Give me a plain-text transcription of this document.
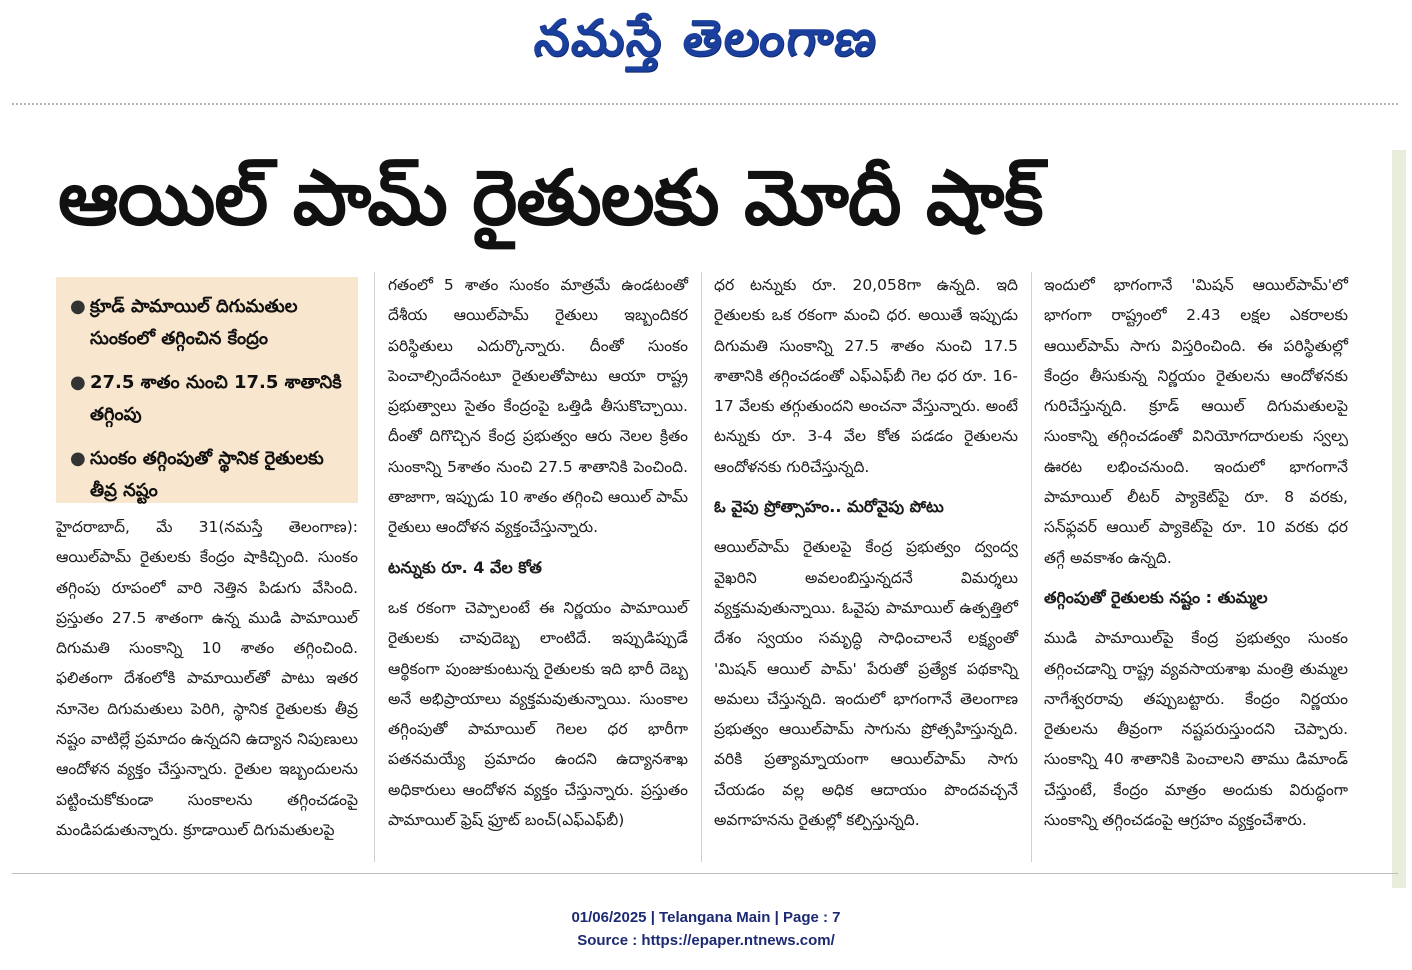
నమస్తే తెలంగాణ
ఆయిల్ పామ్ రైతులకు మోదీ షాక్
● క్రూడ్ పామాయిల్ దిగుమతుల సుంకంలో తగ్గించిన కేంద్రం
● 27.5 శాతం నుంచి 17.5 శాతానికి తగ్గింపు
● సుంకం తగ్గింపుతో స్థానిక రైతులకు తీవ్ర నష్టం

హైదరాబాద్, మే 31(నమస్తే తెలంగాణ): ఆయిల్‌పామ్ రైతులకు కేంద్రం షాకిచ్చింది. సుంకం తగ్గింపు రూపంలో వారి నెత్తిన పిడుగు వేసింది. ప్రస్తుతం 27.5 శాతంగా ఉన్న ముడి పామాయిల్ దిగుమతి సుంకాన్ని 10 శాతం తగ్గించింది. ఫలితంగా దేశంలోకి పామాయిల్‌తో పాటు ఇతర నూనెల దిగుమతులు పెరిగి, స్థానిక రైతులకు తీవ్ర నష్టం వాటిల్లే ప్రమాదం ఉన్నదని ఉద్యాన నిపుణులు ఆందోళన వ్యక్తం చేస్తున్నారు. రైతుల ఇబ్బందులను పట్టించుకోకుండా సుంకాలను తగ్గించడంపై మండిపడుతున్నారు. క్రూడాయిల్ దిగుమతులపై

గతంలో 5 శాతం సుంకం మాత్రమే ఉండటంతో దేశీయ ఆయిల్‌పామ్ రైతులు ఇబ్బందికర పరిస్థితులు ఎదుర్కొన్నారు. దీంతో సుంకం పెంచాల్సిందేనంటూ రైతులతోపాటు ఆయా రాష్ట్ర ప్రభుత్వాలు సైతం కేంద్రంపై ఒత్తిడి తీసుకొచ్చాయి. దీంతో దిగొచ్చిన కేంద్ర ప్రభుత్వం ఆరు నెలల క్రితం సుంకాన్ని 5శాతం నుంచి 27.5 శాతానికి పెంచింది. తాజాగా, ఇప్పుడు 10 శాతం తగ్గించి ఆయిల్ పామ్ రైతులు ఆందోళన వ్యక్తంచేస్తున్నారు.

టన్నుకు రూ. 4 వేల కోత

ఒక రకంగా చెప్పాలంటే ఈ నిర్ణయం పామాయిల్ రైతులకు చావుదెబ్బ లాంటిదే. ఇప్పుడిప్పుడే ఆర్థికంగా పుంజుకుంటున్న రైతులకు ఇది భారీ దెబ్బ అనే అభిప్రాయాలు వ్యక్తమవుతున్నాయి. సుంకాల తగ్గింపుతో పామాయిల్ గెలల ధర భారీగా పతనమయ్యే ప్రమాదం ఉందని ఉద్యానశాఖ అధికారులు ఆందోళన వ్యక్తం చేస్తున్నారు. ప్రస్తుతం పామాయిల్ ఫ్రెష్ ఫ్రూట్ బంచ్(ఎఫ్ఎఫ్‌బీ)

ధర టన్నుకు రూ. 20,058గా ఉన్నది. ఇది రైతులకు ఒక రకంగా మంచి ధర. అయితే ఇప్పుడు దిగుమతి సుంకాన్ని 27.5 శాతం నుంచి 17.5 శాతానికి తగ్గించడంతో ఎఫ్ఎఫ్‌బీ గెల ధర రూ. 16-17 వేలకు తగ్గుతుందని అంచనా వేస్తున్నారు. అంటే టన్నుకు రూ. 3-4 వేల కోత పడడం రైతులను ఆందోళనకు గురిచేస్తున్నది.

ఓ వైపు ప్రోత్సాహం.. మరోవైపు పోటు

ఆయిల్‌పామ్ రైతులపై కేంద్ర ప్రభుత్వం ద్వంద్వ వైఖరిని అవలంబిస్తున్నదనే విమర్శలు వ్యక్తమవుతున్నాయి. ఓవైపు పామాయిల్ ఉత్పత్తిలో దేశం స్వయం సమృద్ధి సాధించాలనే లక్ష్యంతో 'మిషన్ ఆయిల్ పామ్' పేరుతో ప్రత్యేక పథకాన్ని అమలు చేస్తున్నది. ఇందులో భాగంగానే తెలంగాణ ప్రభుత్వం ఆయిల్‌పామ్ సాగును ప్రోత్సహిస్తున్నది. వరికి ప్రత్యామ్నాయంగా ఆయిల్‌పామ్ సాగు చేయడం వల్ల అధిక ఆదాయం పొందవచ్చనే అవగాహనను రైతుల్లో కల్పిస్తున్నది.

ఇందులో భాగంగానే 'మిషన్ ఆయిల్‌పామ్'లో భాగంగా రాష్ట్రంలో 2.43 లక్షల ఎకరాలకు ఆయిల్‌పామ్ సాగు విస్తరించింది. ఈ పరిస్థితుల్లో కేంద్రం తీసుకున్న నిర్ణయం రైతులను ఆందోళనకు గురిచేస్తున్నది. క్రూడ్ ఆయిల్ దిగుమతులపై సుంకాన్ని తగ్గించడంతో వినియోగదారులకు స్వల్ప ఊరట లభించనుంది. ఇందులో భాగంగానే పామాయిల్ లీటర్ ప్యాకెట్‌పై రూ. 8 వరకు, సన్‌ఫ్లవర్ ఆయిల్ ప్యాకెట్‌పై రూ. 10 వరకు ధర తగ్గే అవకాశం ఉన్నది.

తగ్గింపుతో రైతులకు నష్టం : తుమ్మల

ముడి పామాయిల్‌పై కేంద్ర ప్రభుత్వం సుంకం తగ్గించడాన్ని రాష్ట్ర వ్యవసాయశాఖ మంత్రి తుమ్మల నాగేశ్వరరావు తప్పుబట్టారు. కేంద్రం నిర్ణయం రైతులను తీవ్రంగా నష్టపరుస్తుందని చెప్పారు. సుంకాన్ని 40 శాతానికి పెంచాలని తాము డిమాండ్ చేస్తుంటే, కేంద్రం మాత్రం అందుకు విరుద్ధంగా సుంకాన్ని తగ్గించడంపై ఆగ్రహం వ్యక్తంచేశారు.

01/06/2025 | Telangana Main | Page : 7
Source : https://epaper.ntnews.com/
